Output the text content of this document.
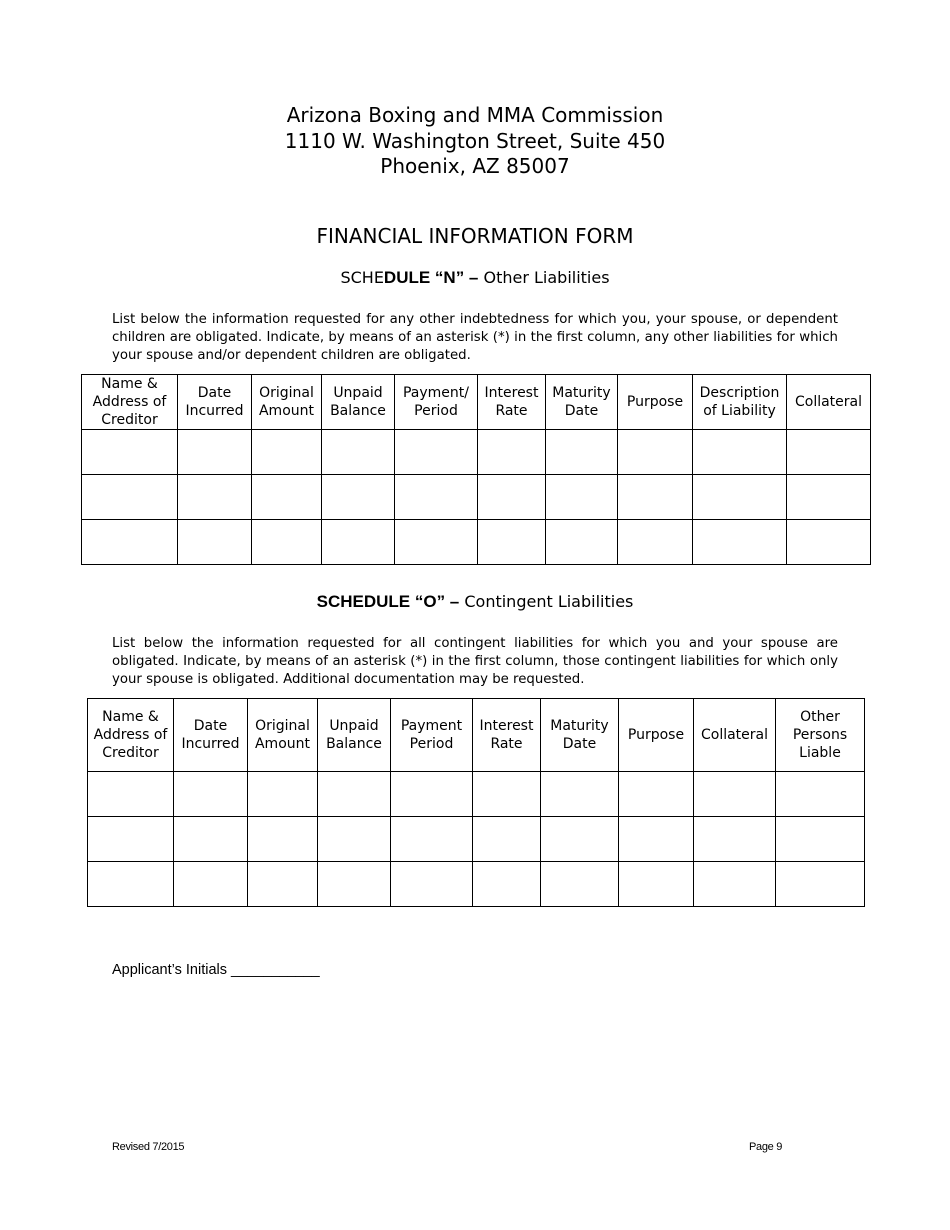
Arizona Boxing and MMA Commission
1110 W. Washington Street, Suite 450
Phoenix, AZ 85007
FINANCIAL INFORMATION FORM
SCHEDULE “N” – Other Liabilities
List below the information requested for any other indebtedness for which you, your spouse, or dependent children are obligated. Indicate, by means of an asterisk (*) in the first column, any other liabilities for which your spouse and/or dependent children are obligated.
Name & Address of Creditor	Date Incurred	Original Amount	Unpaid Balance	Payment/ Period	Interest Rate	Maturity Date	Purpose	Description of Liability	Collateral

SCHEDULE “O” – Contingent Liabilities
List below the information requested for all contingent liabilities for which you and your spouse are obligated. Indicate, by means of an asterisk (*) in the first column, those contingent liabilities for which only your spouse is obligated. Additional documentation may be requested.
Name & Address of Creditor	Date Incurred	Original Amount	Unpaid Balance	Payment Period	Interest Rate	Maturity Date	Purpose	Collateral	Other Persons Liable

Applicant’s Initials ___________
Revised 7/2015	Page 9
